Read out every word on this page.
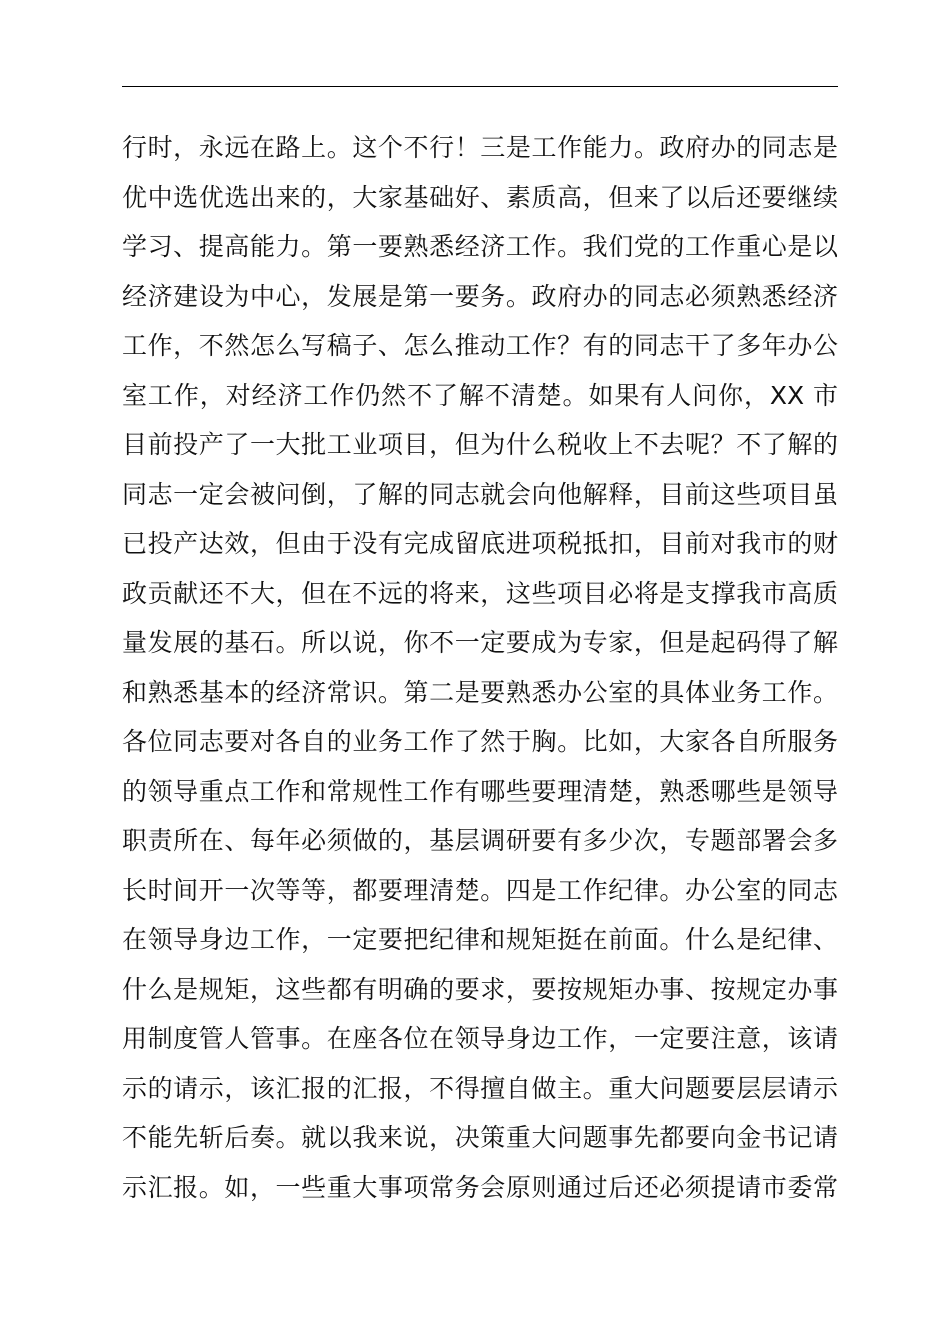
行时，永远在路上。这个不行！三是工作能力。政府办的同志是
优中选优选出来的，大家基础好、素质高，但来了以后还要继续
学习、提高能力。第一要熟悉经济工作。我们党的工作重心是以
经济建设为中心，发展是第一要务。政府办的同志必须熟悉经济
工作，不然怎么写稿子、怎么推动工作？有的同志干了多年办公
室工作，对经济工作仍然不了解不清楚。如果有人问你，XX 市
目前投产了一大批工业项目，但为什么税收上不去呢？不了解的
同志一定会被问倒，了解的同志就会向他解释，目前这些项目虽
已投产达效，但由于没有完成留底进项税抵扣，目前对我市的财
政贡献还不大，但在不远的将来，这些项目必将是支撑我市高质
量发展的基石。所以说，你不一定要成为专家，但是起码得了解
和熟悉基本的经济常识。第二是要熟悉办公室的具体业务工作。
各位同志要对各自的业务工作了然于胸。比如，大家各自所服务
的领导重点工作和常规性工作有哪些要理清楚，熟悉哪些是领导
职责所在、每年必须做的，基层调研要有多少次，专题部署会多
长时间开一次等等，都要理清楚。四是工作纪律。办公室的同志
在领导身边工作，一定要把纪律和规矩挺在前面。什么是纪律、
什么是规矩，这些都有明确的要求，要按规矩办事、按规定办事
用制度管人管事。在座各位在领导身边工作，一定要注意，该请
示的请示，该汇报的汇报，不得擅自做主。重大问题要层层请示
不能先斩后奏。就以我来说，决策重大问题事先都要向金书记请
示汇报。如，一些重大事项常务会原则通过后还必须提请市委常
